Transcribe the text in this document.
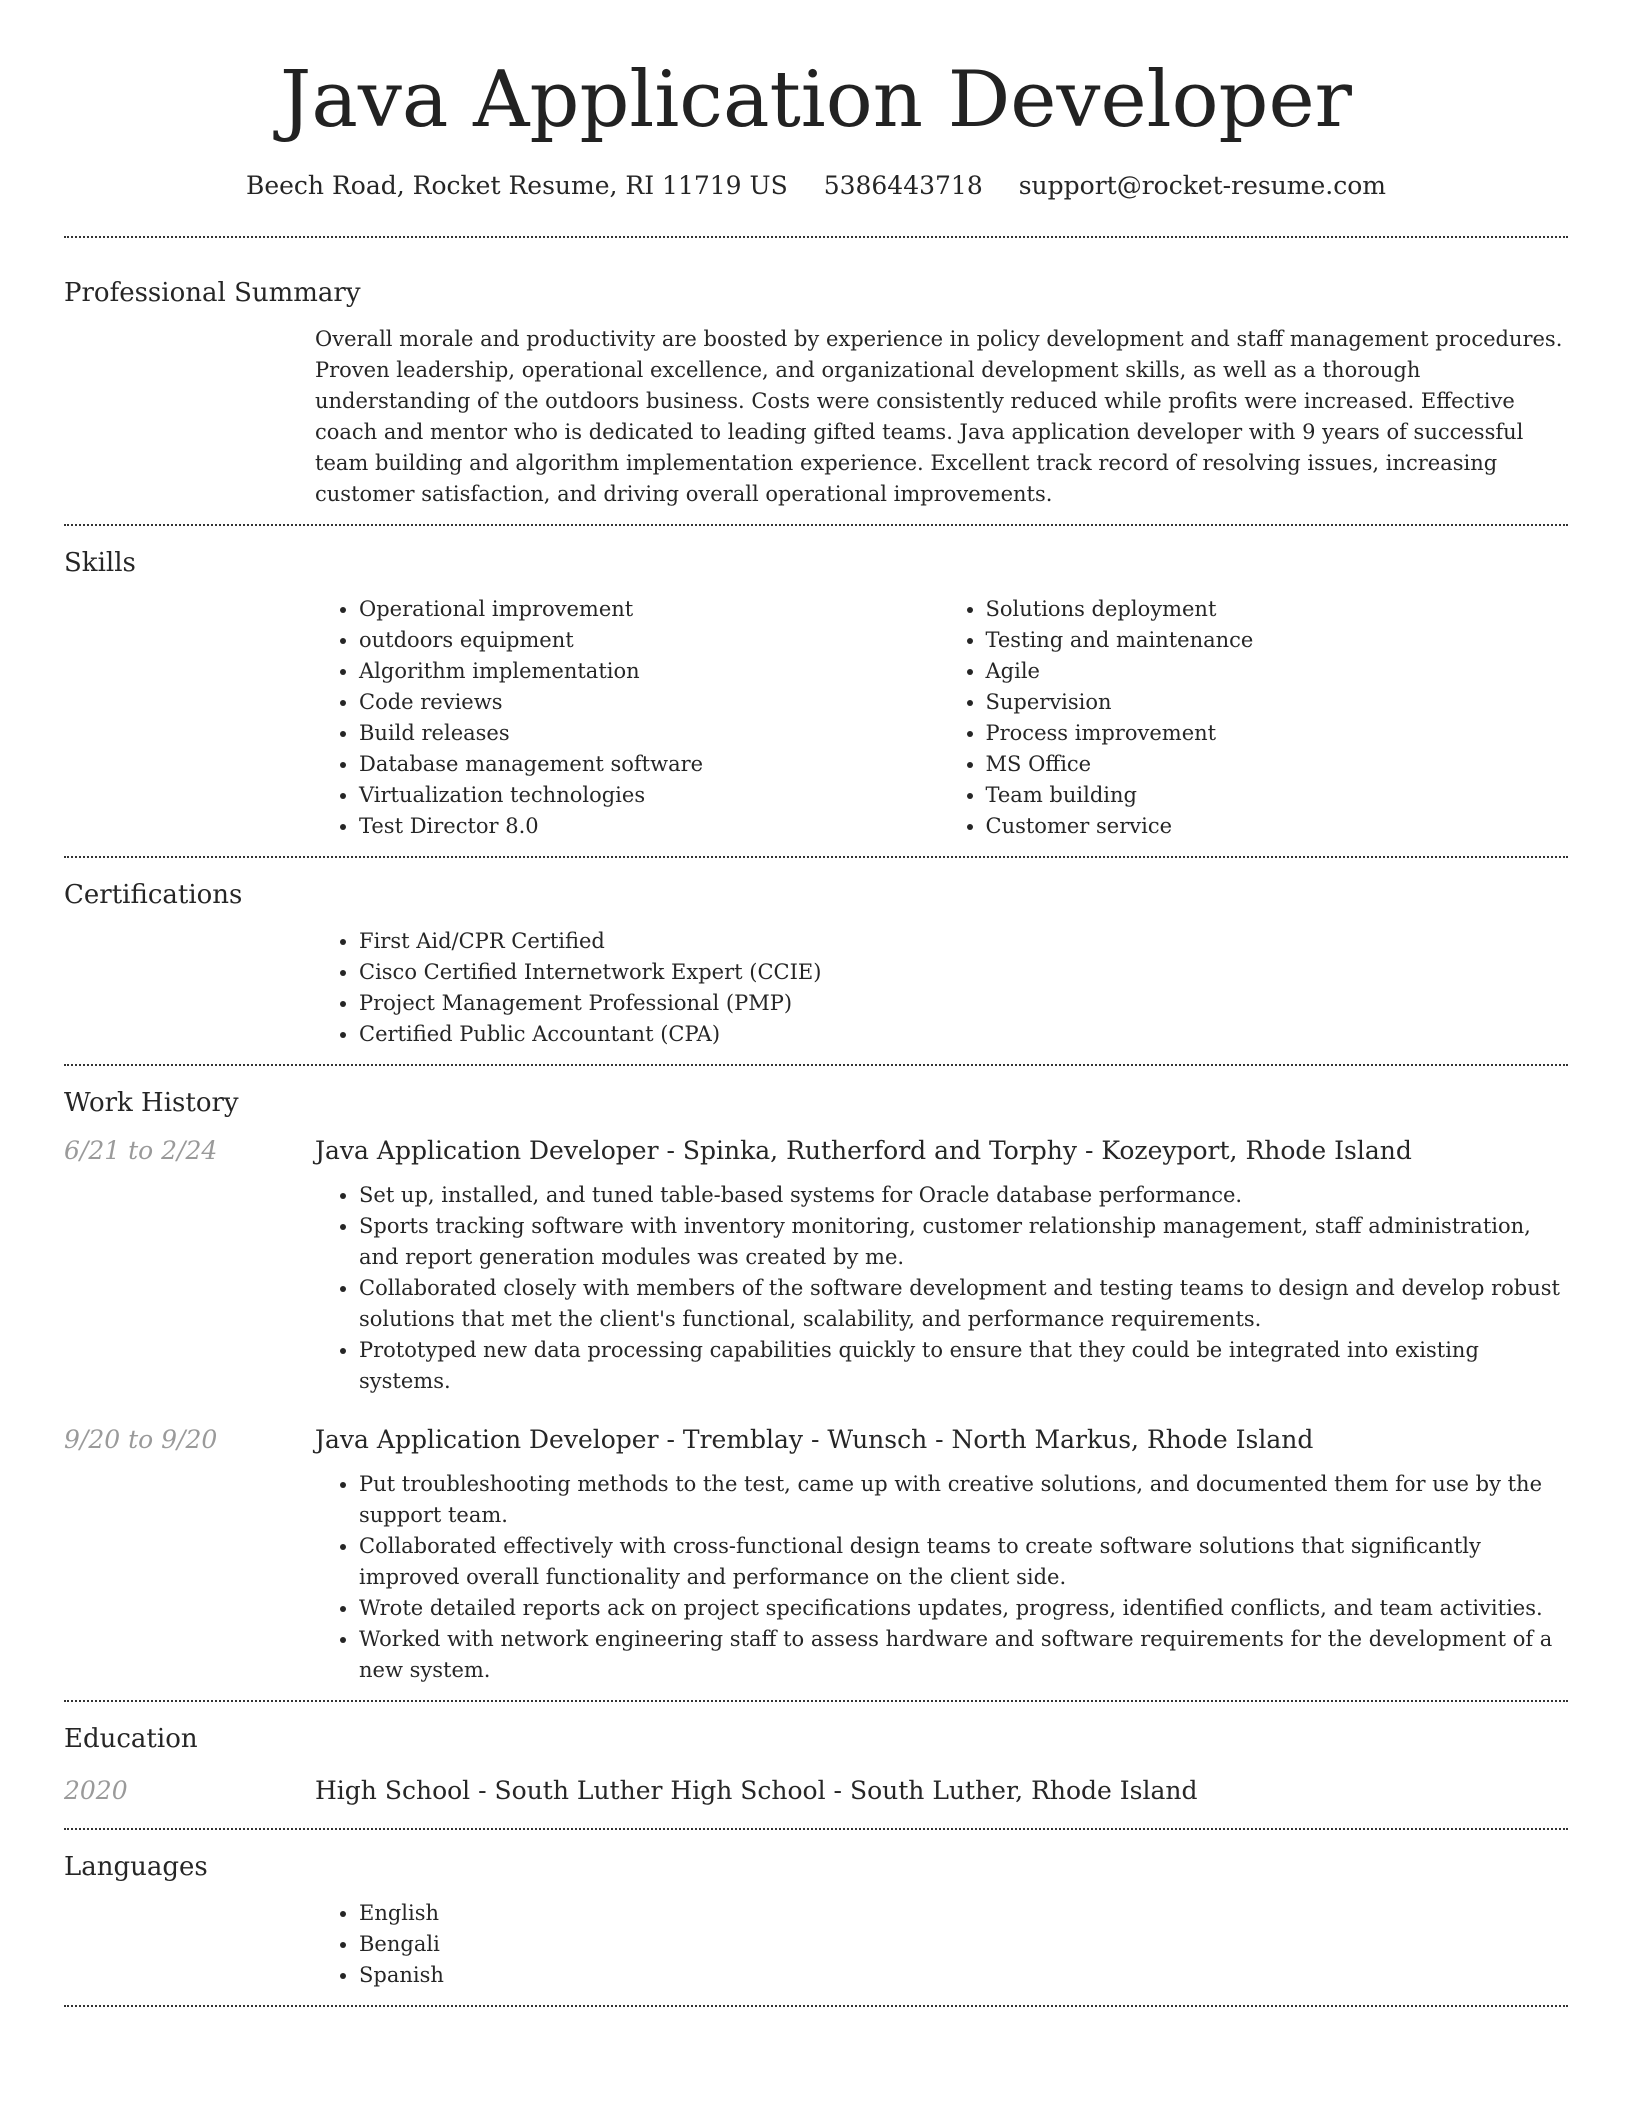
Java Application Developer
Beech Road, Rocket Resume, RI 11719 US 5386443718 support@rocket-resume.com
Professional Summary

Overall morale and productivity are boosted by experience in policy development and staff management procedures. Proven leadership, operational excellence, and organizational development skills, as well as a thorough understanding of the outdoors business. Costs were consistently reduced while profits were increased. Effective coach and mentor who is dedicated to leading gifted teams. Java application developer with 9 years of successful team building and algorithm implementation experience. Excellent track record of resolving issues, increasing customer satisfaction, and driving overall operational improvements.

Skills
• Operational improvement
• outdoors equipment
• Algorithm implementation
• Code reviews
• Build releases
• Database management software
• Virtualization technologies
• Test Director 8.0
• Solutions deployment
• Testing and maintenance
• Agile
• Supervision
• Process improvement
• MS Office
• Team building
• Customer service
Certifications
• First Aid/CPR Certified
• Cisco Certified Internetwork Expert (CCIE)
• Project Management Professional (PMP)
• Certified Public Accountant (CPA)
Work History
6/21 to 2/24	Java Application Developer - Spinka, Rutherford and Torphy - Kozeyport, Rhode Island
• Set up, installed, and tuned table-based systems for Oracle database performance.
• Sports tracking software with inventory monitoring, customer relationship management, staff administration, and report generation modules was created by me.
• Collaborated closely with members of the software development and testing teams to design and develop robust solutions that met the client's functional, scalability, and performance requirements.
• Prototyped new data processing capabilities quickly to ensure that they could be integrated into existing systems.
9/20 to 9/20	Java Application Developer - Tremblay - Wunsch - North Markus, Rhode Island
• Put troubleshooting methods to the test, came up with creative solutions, and documented them for use by the support team.
• Collaborated effectively with cross-functional design teams to create software solutions that significantly improved overall functionality and performance on the client side.
• Wrote detailed reports ack on project specifications updates, progress, identified conflicts, and team activities.
• Worked with network engineering staff to assess hardware and software requirements for the development of a new system.
Education
2020	High School - South Luther High School - South Luther, Rhode Island
Languages
• English
• Bengali
• Spanish
